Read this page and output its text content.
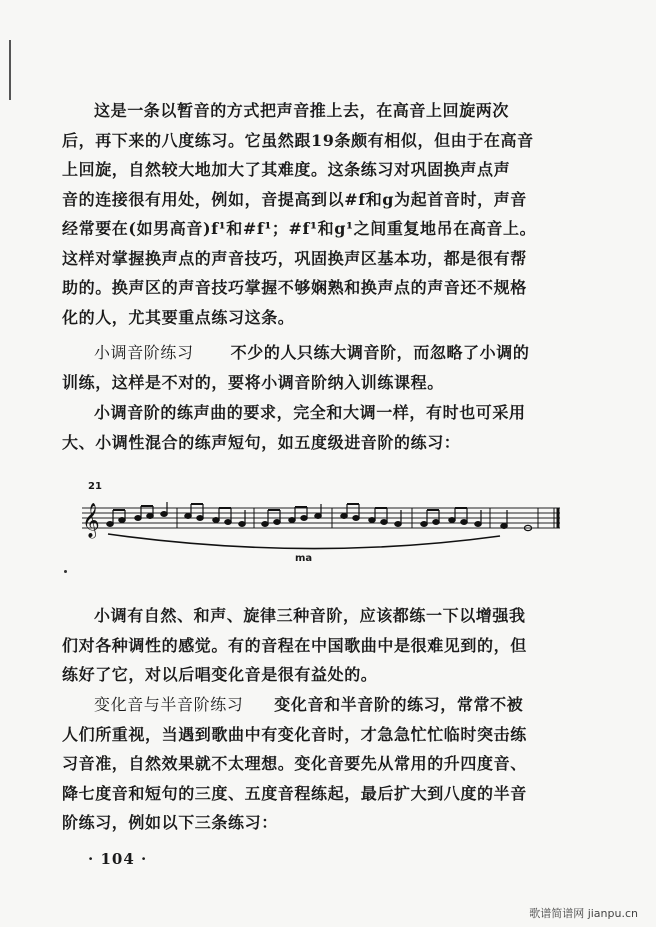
这是一条以暂音的方式把声音推上去，在高音上回旋两次
后，再下来的八度练习。它虽然跟19条颇有相似，但由于在高音
上回旋，自然较大地加大了其难度。这条练习对巩固换声点声
音的连接很有用处，例如，音提高到以#f和g为起首音时，声音
经常要在(如男高音)f¹和#f¹；#f¹和g¹之间重复地吊在高音上。
这样对掌握换声点的声音技巧，巩固换声区基本功，都是很有帮
助的。换声区的声音技巧掌握不够娴熟和换声点的声音还不规格
化的人，尤其要重点练习这条。
小调音阶练习 不少的人只练大调音阶，而忽略了小调的
训练，这样是不对的，要将小调音阶纳入训练课程。
小调音阶的练声曲的要求，完全和大调一样，有时也可采用
大、小调性混合的练声短句，如五度级进音阶的练习：
21
𝄞
ma
小调有自然、和声、旋律三种音阶，应该都练一下以增强我
们对各种调性的感觉。有的音程在中国歌曲中是很难见到的，但
练好了它，对以后唱变化音是很有益处的。
变化音与半音阶练习 变化音和半音阶的练习，常常不被
人们所重视，当遇到歌曲中有变化音时，才急急忙忙临时突击练
习音准，自然效果就不太理想。变化音要先从常用的升四度音、
降七度音和短句的三度、五度音程练起，最后扩大到八度的半音
阶练习，例如以下三条练习：
· 104 ·
歌谱简谱网 jianpu.cn
